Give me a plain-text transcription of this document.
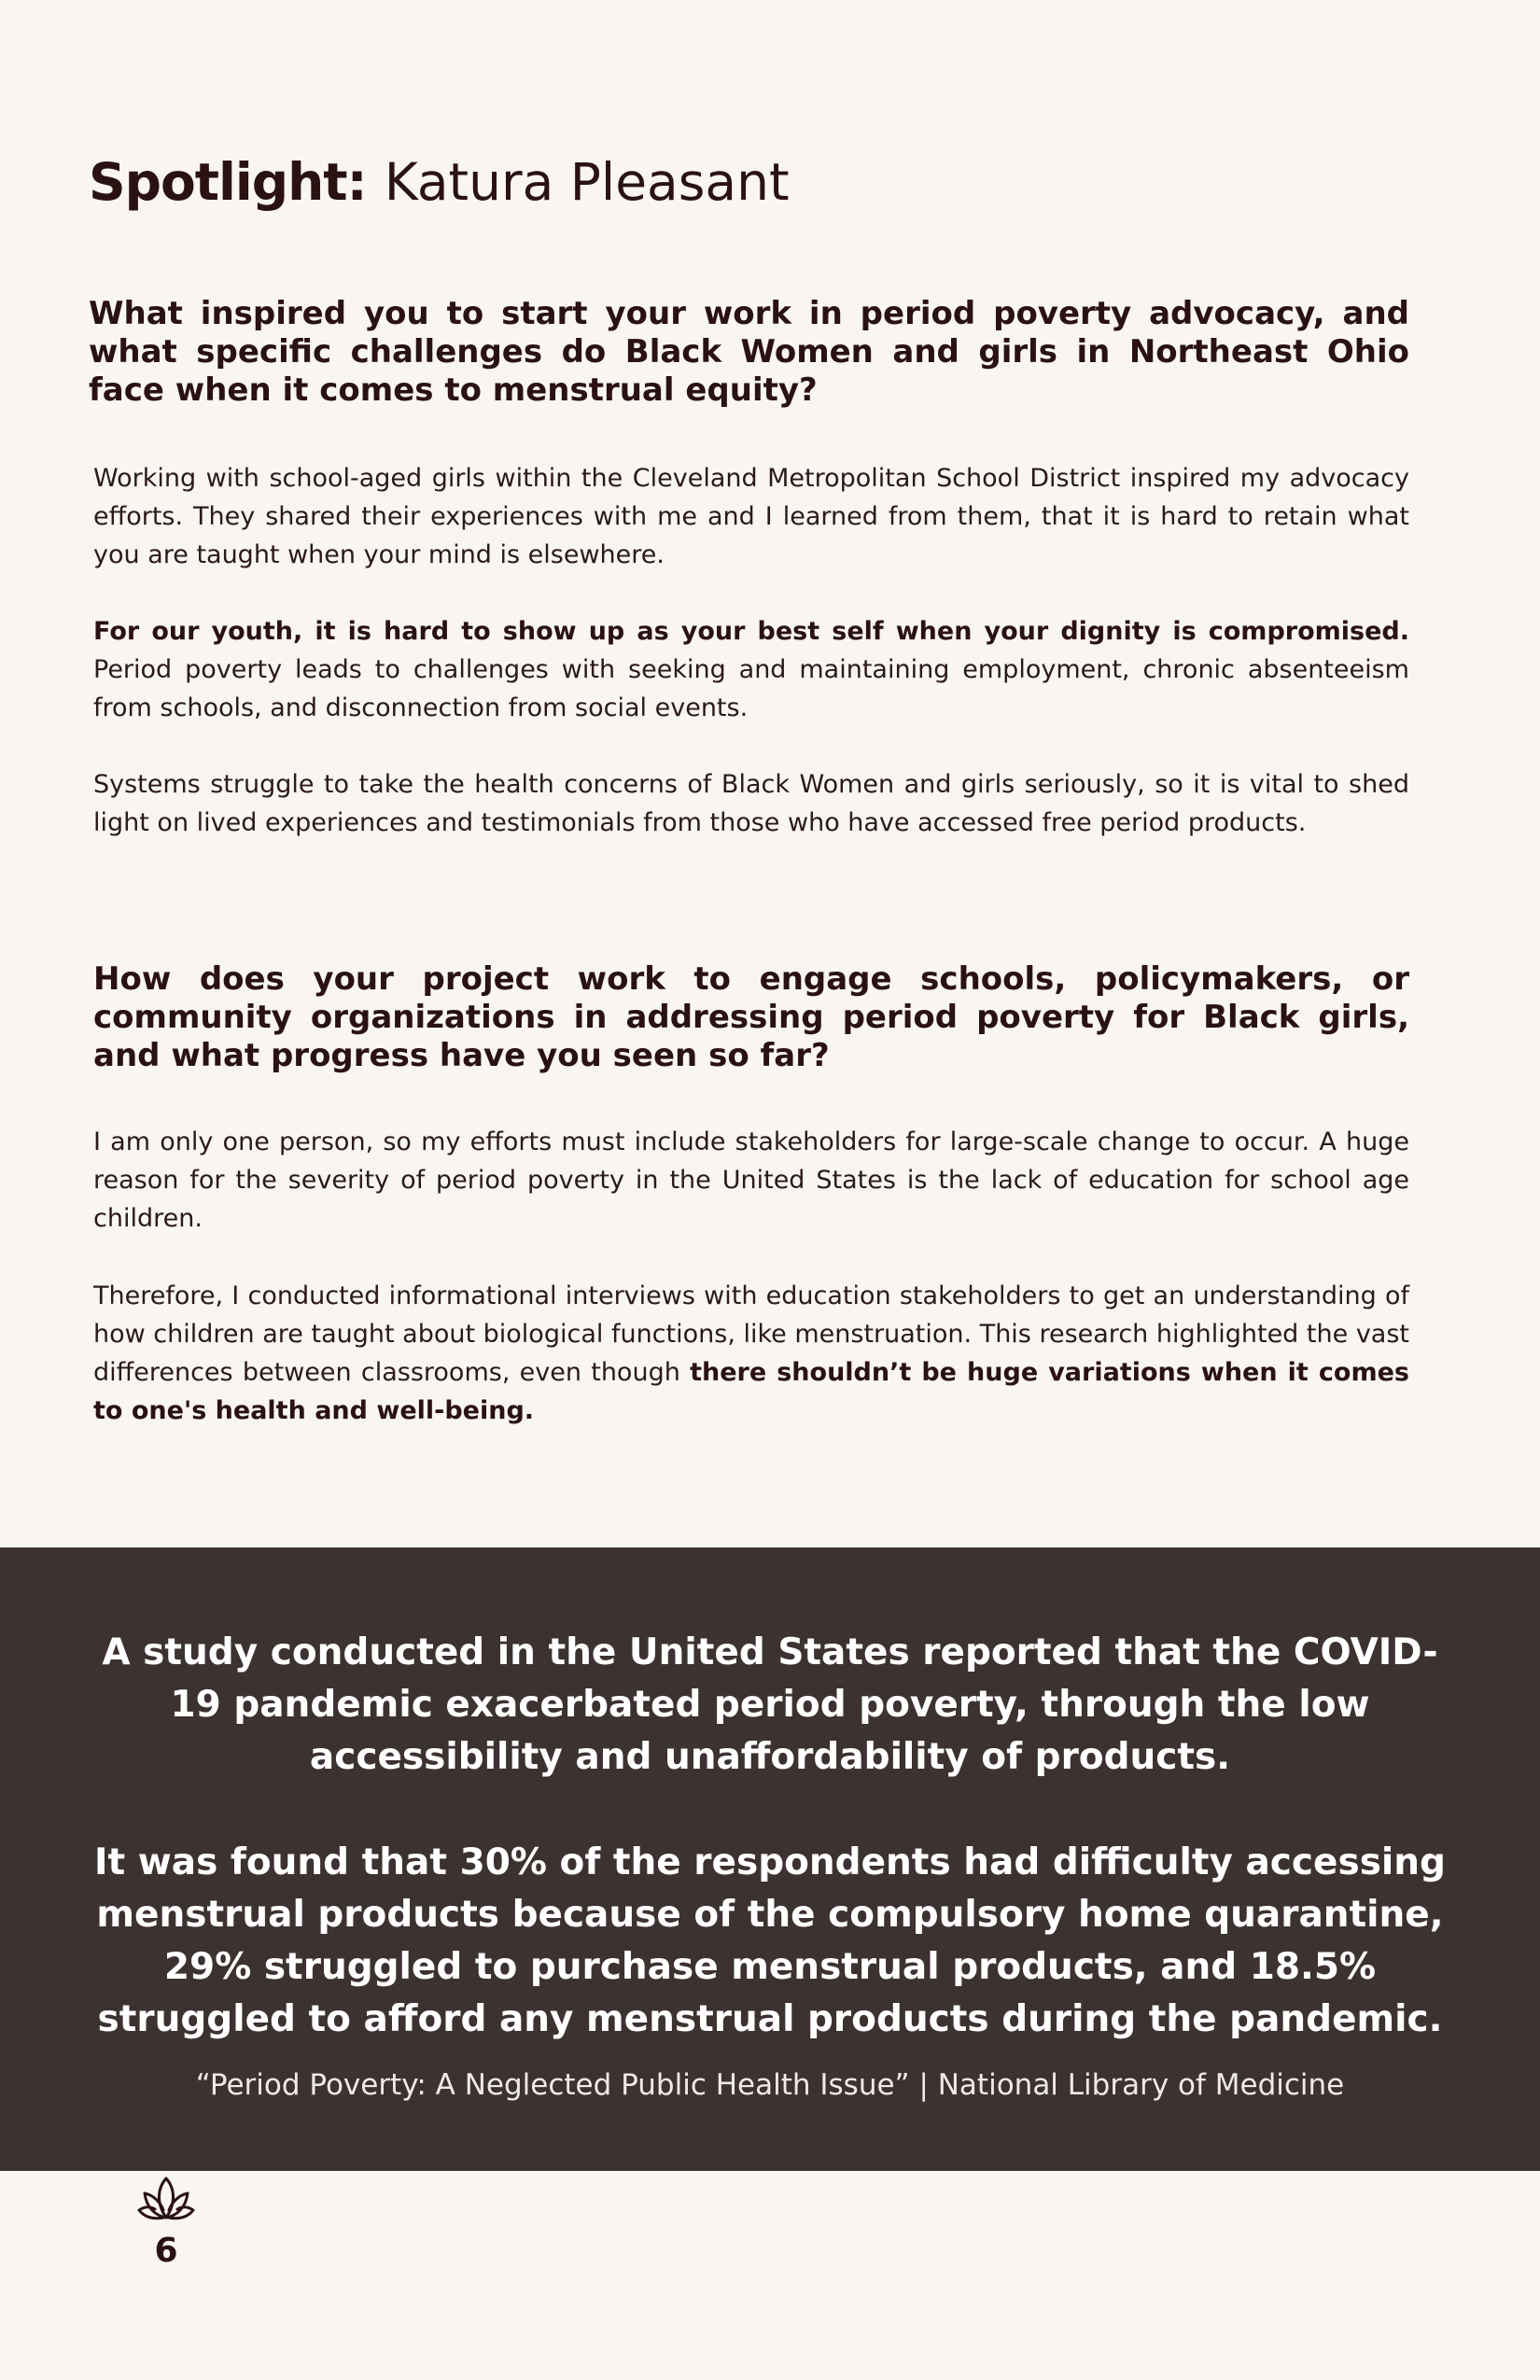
Spotlight: Katura Pleasant
What inspired you to start your work in period poverty advocacy, and what specific challenges do Black Women and girls in Northeast Ohio face when it comes to menstrual equity?

Working with school-aged girls within the Cleveland Metropolitan School District inspired my advocacy efforts. They shared their experiences with me and I learned from them, that it is hard to retain what you are taught when your mind is elsewhere.

For our youth, it is hard to show up as your best self when your dignity is compromised. Period poverty leads to challenges with seeking and maintaining employment, chronic absenteeism from schools, and disconnection from social events.

Systems struggle to take the health concerns of Black Women and girls seriously, so it is vital to shed light on lived experiences and testimonials from those who have accessed free period products.

How does your project work to engage schools, policymakers, or community organizations in addressing period poverty for Black girls, and what progress have you seen so far?

I am only one person, so my efforts must include stakeholders for large-scale change to occur. A huge reason for the severity of period poverty in the United States is the lack of education for school age children.

Therefore, I conducted informational interviews with education stakeholders to get an understanding of how children are taught about biological functions, like menstruation. This research highlighted the vast differences between classrooms, even though there shouldn’t be huge variations when it comes to one's health and well-being.

A study conducted in the United States reported that the COVID-19 pandemic exacerbated period poverty, through the low accessibility and unaffordability of products.

It was found that 30% of the respondents had difficulty accessing menstrual products because of the compulsory home quarantine, 29% struggled to purchase menstrual products, and 18.5% struggled to afford any menstrual products during the pandemic.

“Period Poverty: A Neglected Public Health Issue” | National Library of Medicine

6
